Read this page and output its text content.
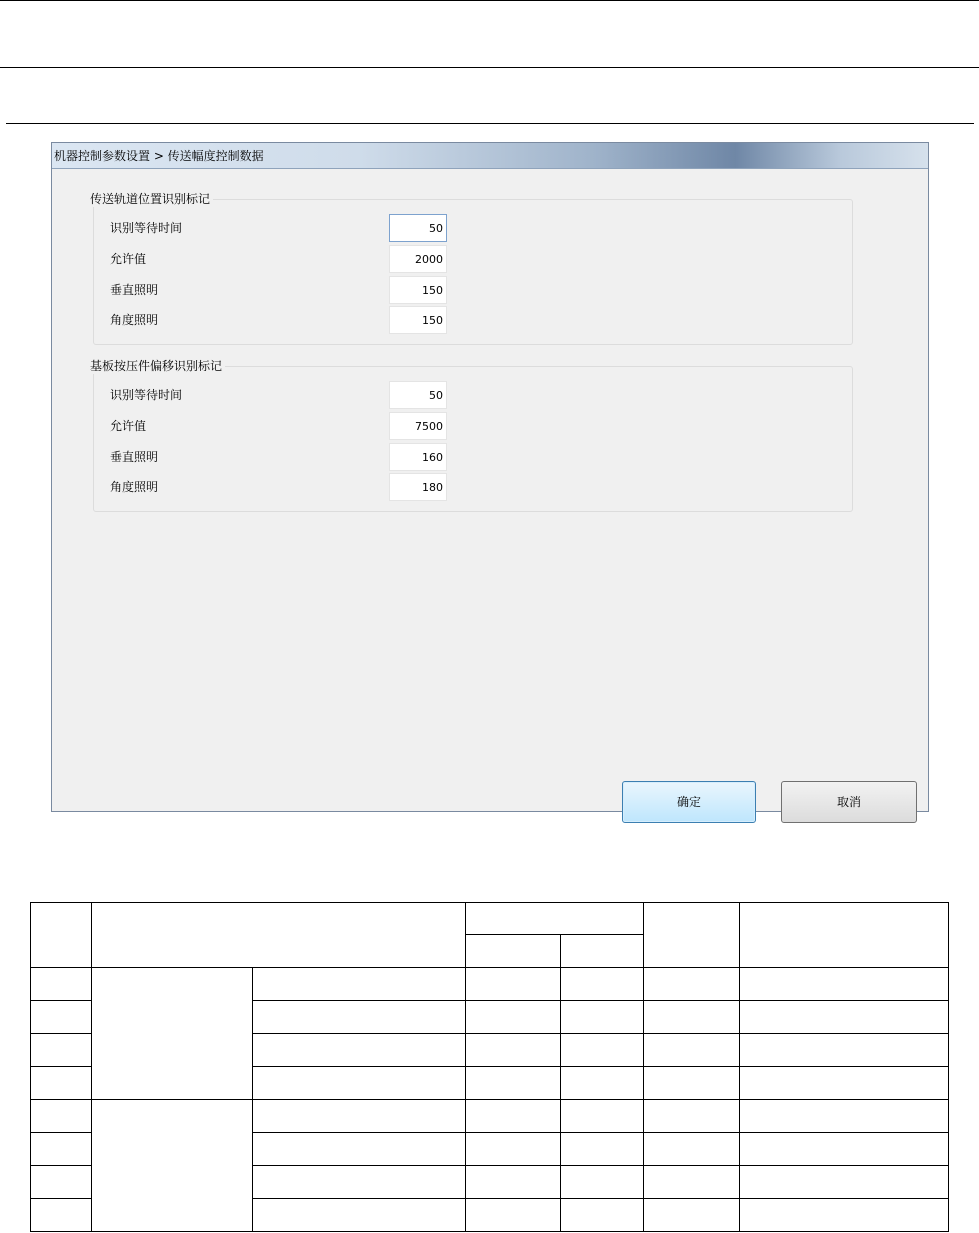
机器控制参数设置 > 传送幅度控制数据
传送轨道位置识别标记
识别等待时间	50
允许值	2000
垂直照明	150
角度照明	150
基板按压件偏移识别标记
识别等待时间	50
允许值	7500
垂直照明	160
角度照明	180
确定	取消
